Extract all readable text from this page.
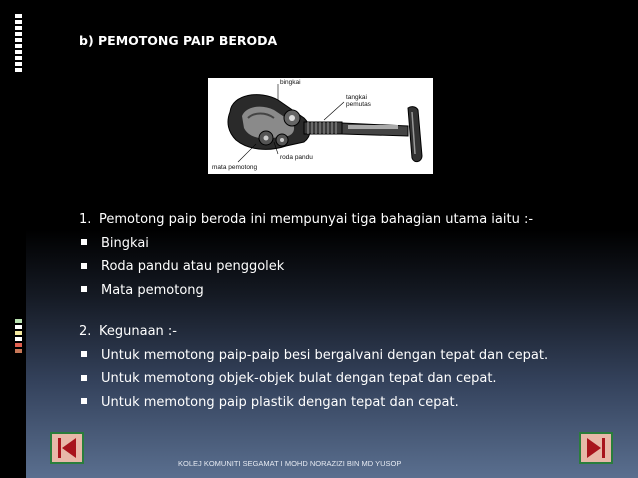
b) PEMOTONG PAIP BERODA
bingkai
tangkai
pemutas
roda pandu
mata pemotong
1. Pemotong paip beroda ini mempunyai tiga bahagian utama iaitu :-
Bingkai
Roda pandu atau penggolek
Mata pemotong
2. Kegunaan :-
Untuk memotong paip-paip besi bergalvani dengan tepat dan cepat.
Untuk memotong objek-objek bulat dengan tepat dan cepat.
Untuk memotong paip plastik dengan tepat dan cepat.
KOLEJ KOMUNITI SEGAMAT I MOHD NORAZIZI BIN MD YUSOP
